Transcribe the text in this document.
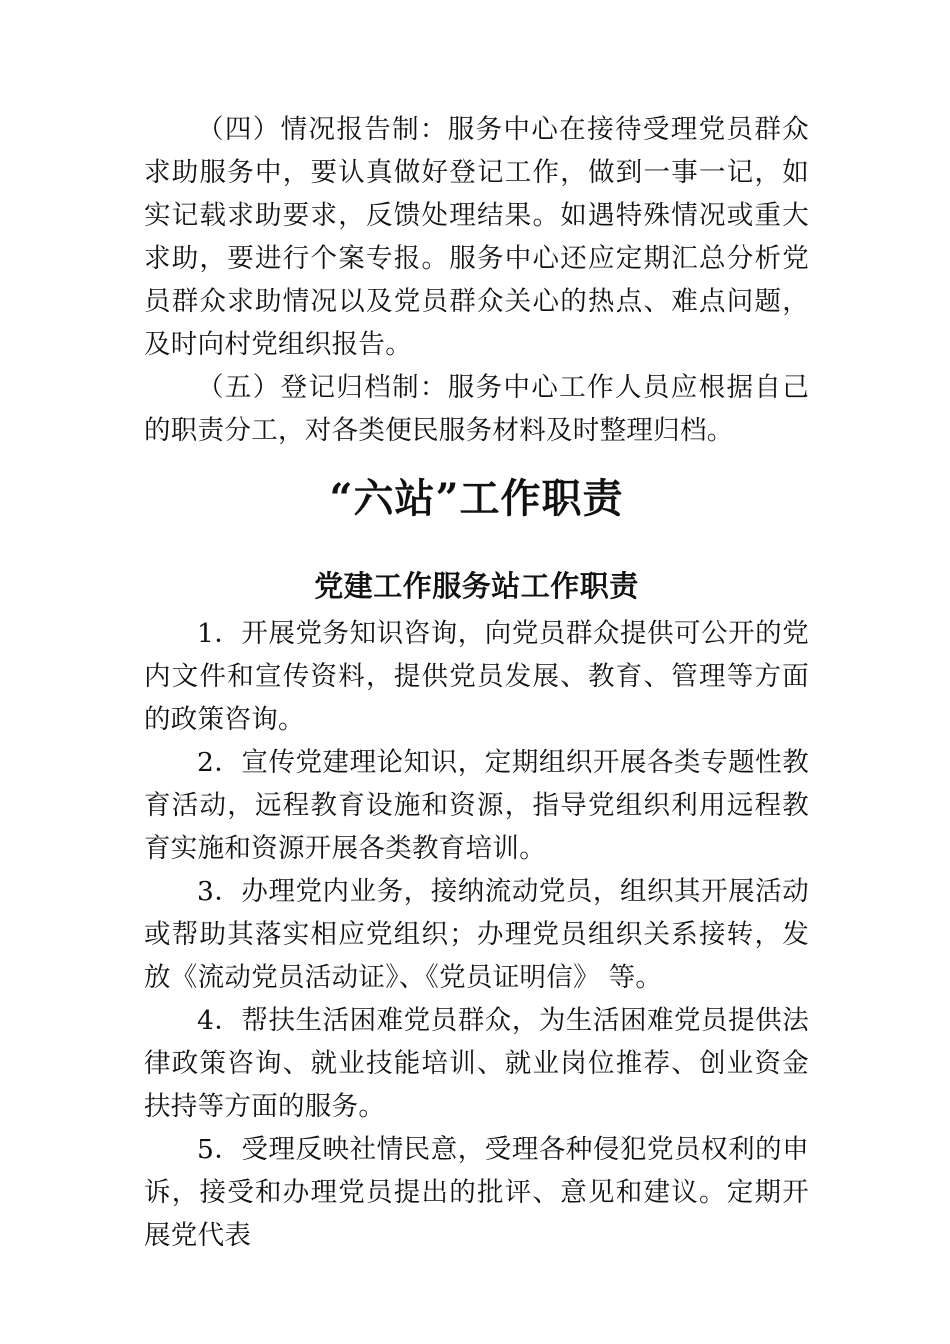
（四）情况报告制：服务中心在接待受理党员群众求助服务中，要认真做好登记工作，做到一事一记，如实记载求助要求，反馈处理结果。如遇特殊情况或重大求助，要进行个案专报。服务中心还应定期汇总分析党员群众求助情况以及党员群众关心的热点、难点问题，及时向村党组织报告。

（五）登记归档制：服务中心工作人员应根据自己的职责分工，对各类便民服务材料及时整理归档。

“六站”工作职责
党建工作服务站工作职责

1．开展党务知识咨询，向党员群众提供可公开的党内文件和宣传资料，提供党员发展、教育、管理等方面的政策咨询。

2．宣传党建理论知识，定期组织开展各类专题性教育活动，远程教育设施和资源，指导党组织利用远程教育实施和资源开展各类教育培训。

3．办理党内业务，接纳流动党员，组织其开展活动或帮助其落实相应党组织；办理党员组织关系接转，发放《流动党员活动证》、《党员证明信》 等。

4．帮扶生活困难党员群众，为生活困难党员提供法律政策咨询、就业技能培训、就业岗位推荐、创业资金扶持等方面的服务。

5．受理反映社情民意，受理各种侵犯党员权利的申诉，接受和办理党员提出的批评、意见和建议。定期开展党代表
